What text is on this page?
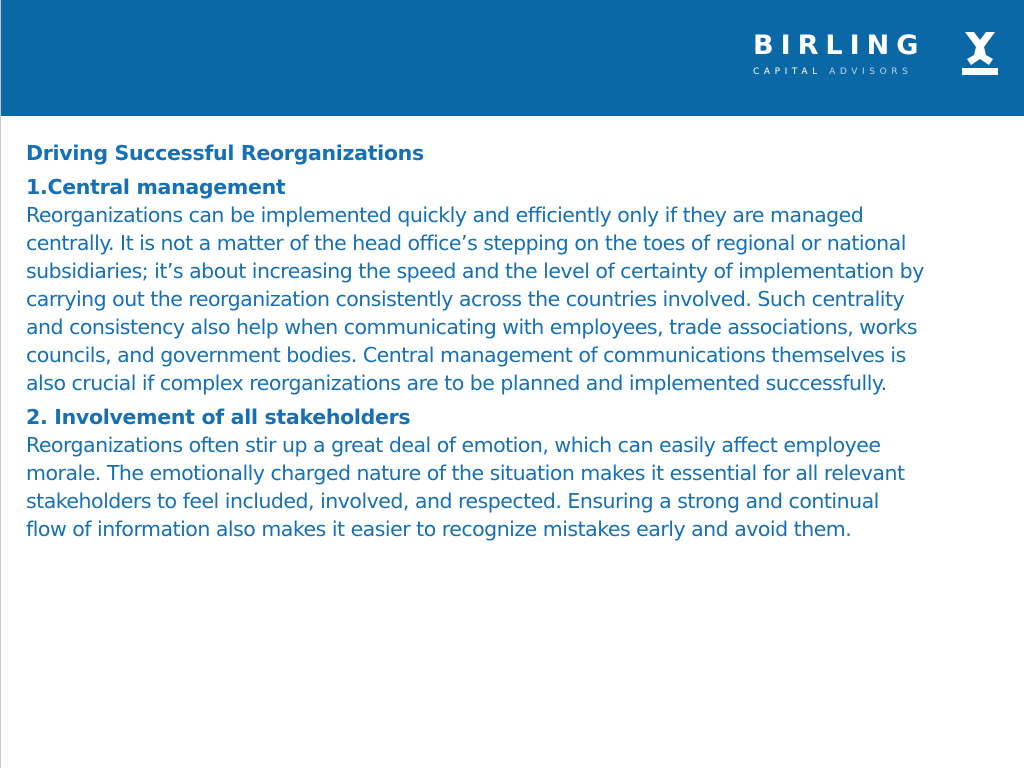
BIRLING
CAPITAL ADVISORS
Driving Successful Reorganizations
1.Central management
Reorganizations can be implemented quickly and efficiently only if they are managed
centrally. It is not a matter of the head office’s stepping on the toes of regional or national
subsidiaries; it’s about increasing the speed and the level of certainty of implementation by
carrying out the reorganization consistently across the countries involved. Such centrality
and consistency also help when communicating with employees, trade associations, works
councils, and government bodies. Central management of communications themselves is
also crucial if complex reorganizations are to be planned and implemented successfully.
2. Involvement of all stakeholders
Reorganizations often stir up a great deal of emotion, which can easily affect employee
morale. The emotionally charged nature of the situation makes it essential for all relevant
stakeholders to feel included, involved, and respected. Ensuring a strong and continual
flow of information also makes it easier to recognize mistakes early and avoid them.
